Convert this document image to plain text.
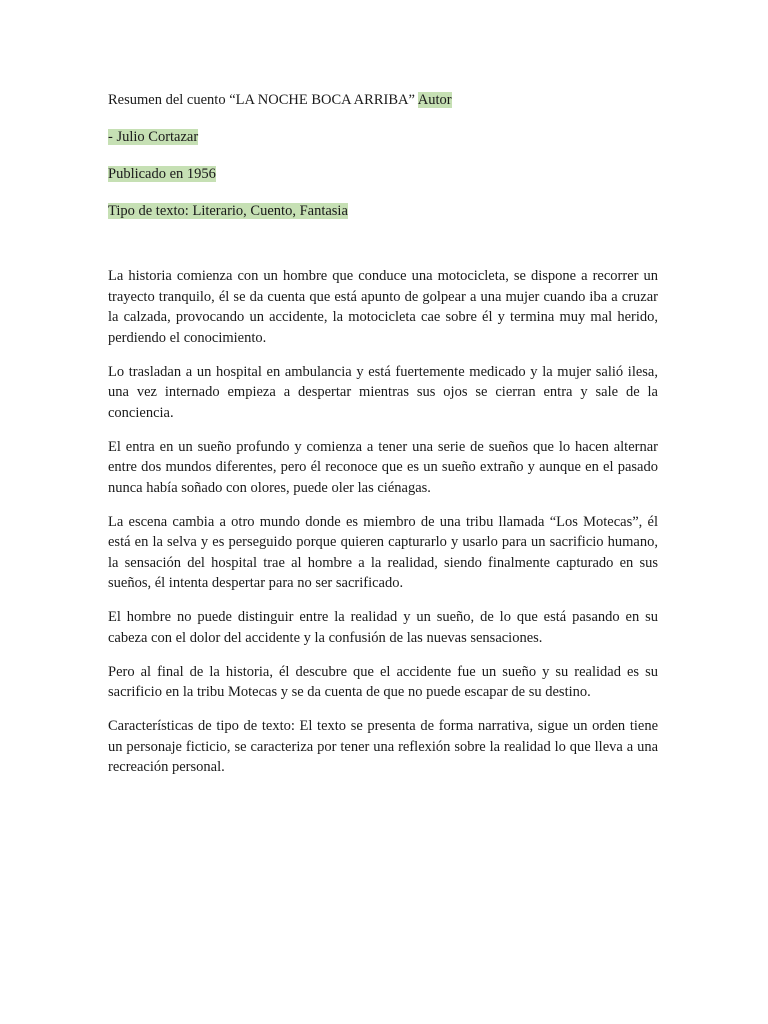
Resumen del cuento “LA NOCHE BOCA ARRIBA” Autor
- Julio Cortazar
Publicado en 1956
Tipo de texto: Literario, Cuento, Fantasia

La historia comienza con un hombre que conduce una motocicleta, se dispone a recorrer un trayecto tranquilo, él se da cuenta que está apunto de golpear a una mujer cuando iba a cruzar la calzada, provocando un accidente, la motocicleta cae sobre él y termina muy mal herido, perdiendo el conocimiento.

Lo trasladan a un hospital en ambulancia y está fuertemente medicado y la mujer salió ilesa, una vez internado empieza a despertar mientras sus ojos se cierran entra y sale de la conciencia.

El entra en un sueño profundo y comienza a tener una serie de sueños que lo hacen alternar entre dos mundos diferentes, pero él reconoce que es un sueño extraño y aunque en el pasado nunca había soñado con olores, puede oler las ciénagas.

La escena cambia a otro mundo donde es miembro de una tribu llamada “Los Motecas”, él está en la selva y es perseguido porque quieren capturarlo y usarlo para un sacrificio humano, la sensación del hospital trae al hombre a la realidad, siendo finalmente capturado en sus sueños, él intenta despertar para no ser sacrificado.

El hombre no puede distinguir entre la realidad y un sueño, de lo que está pasando en su cabeza con el dolor del accidente y la confusión de las nuevas sensaciones.

Pero al final de la historia, él descubre que el accidente fue un sueño y su realidad es su sacrificio en la tribu Motecas y se da cuenta de que no puede escapar de su destino.

Características de tipo de texto: El texto se presenta de forma narrativa, sigue un orden tiene un personaje ficticio, se caracteriza por tener una reflexión sobre la realidad lo que lleva a una recreación personal.
